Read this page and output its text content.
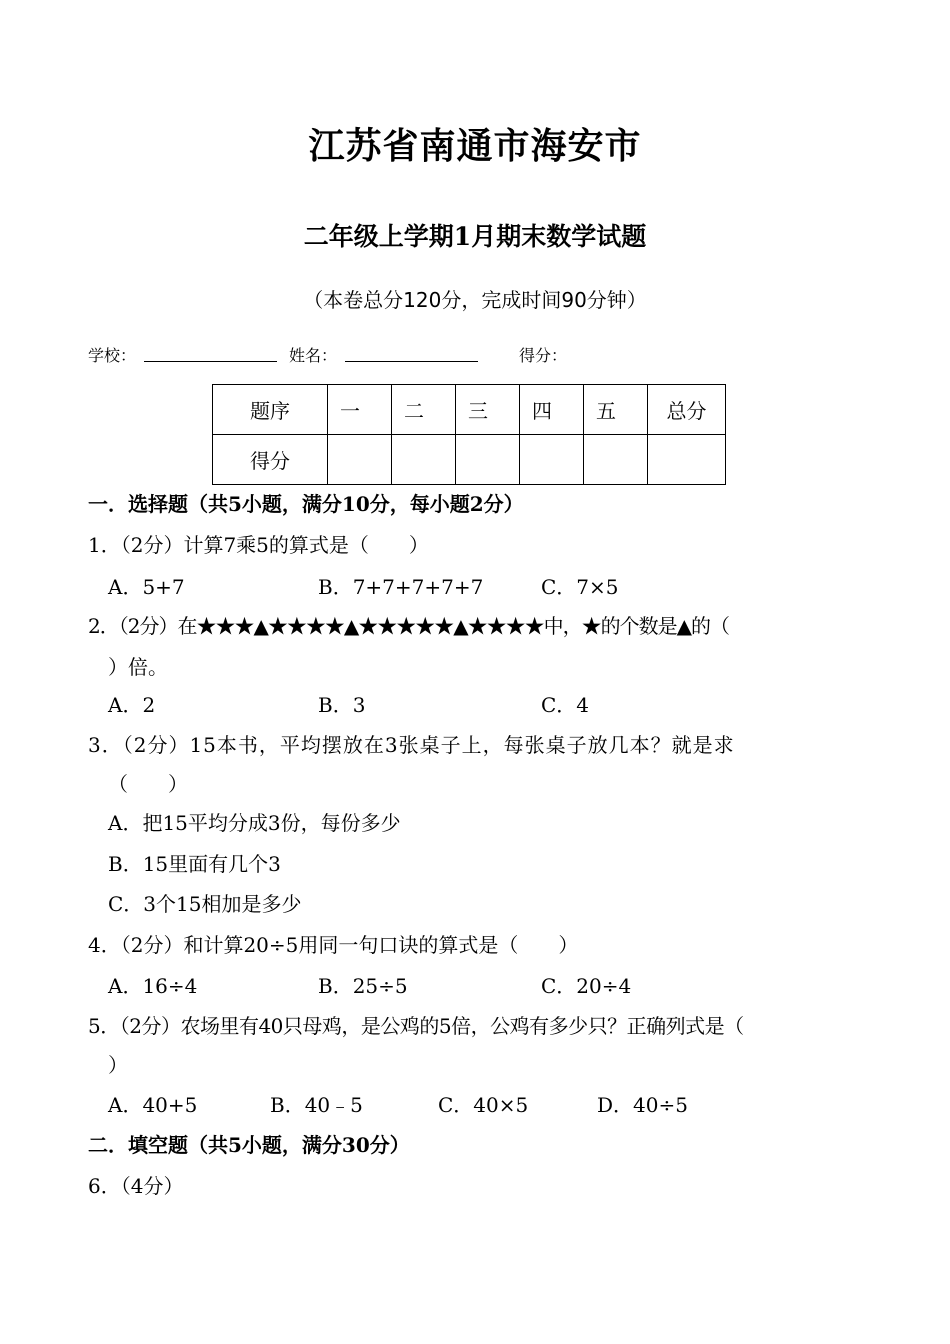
江苏省南通市海安市
二年级上学期1月期末数学试题
（本卷总分120分，完成时间90分钟）
学校：	姓名：	得分：
题序	一	二	三	四	五	总分
得分						
一．选择题（共5小题，满分10分，每小题2分）
1．（2分）计算7乘5的算式是（　　）
A．5+7	B．7+7+7+7+7	C．7×5
2．（2分）在★★★▲★★★★▲★★★★★▲★★★★中，★的个数是▲的（
）倍。
A．2	B．3	C．4
3．（2分）15本书，平均摆放在3张桌子上，每张桌子放几本？就是求
（　　）
A．把15平均分成3份，每份多少
B．15里面有几个3
C．3个15相加是多少
4．（2分）和计算20÷5用同一句口诀的算式是（　　）
A．16÷4	B．25÷5	C．20÷4
5．（2分）农场里有40只母鸡，是公鸡的5倍，公鸡有多少只？正确列式是（
）
A．40+5	B．40﹣5	C．40×5	D．40÷5
二．填空题（共5小题，满分30分）
6．（4分）
